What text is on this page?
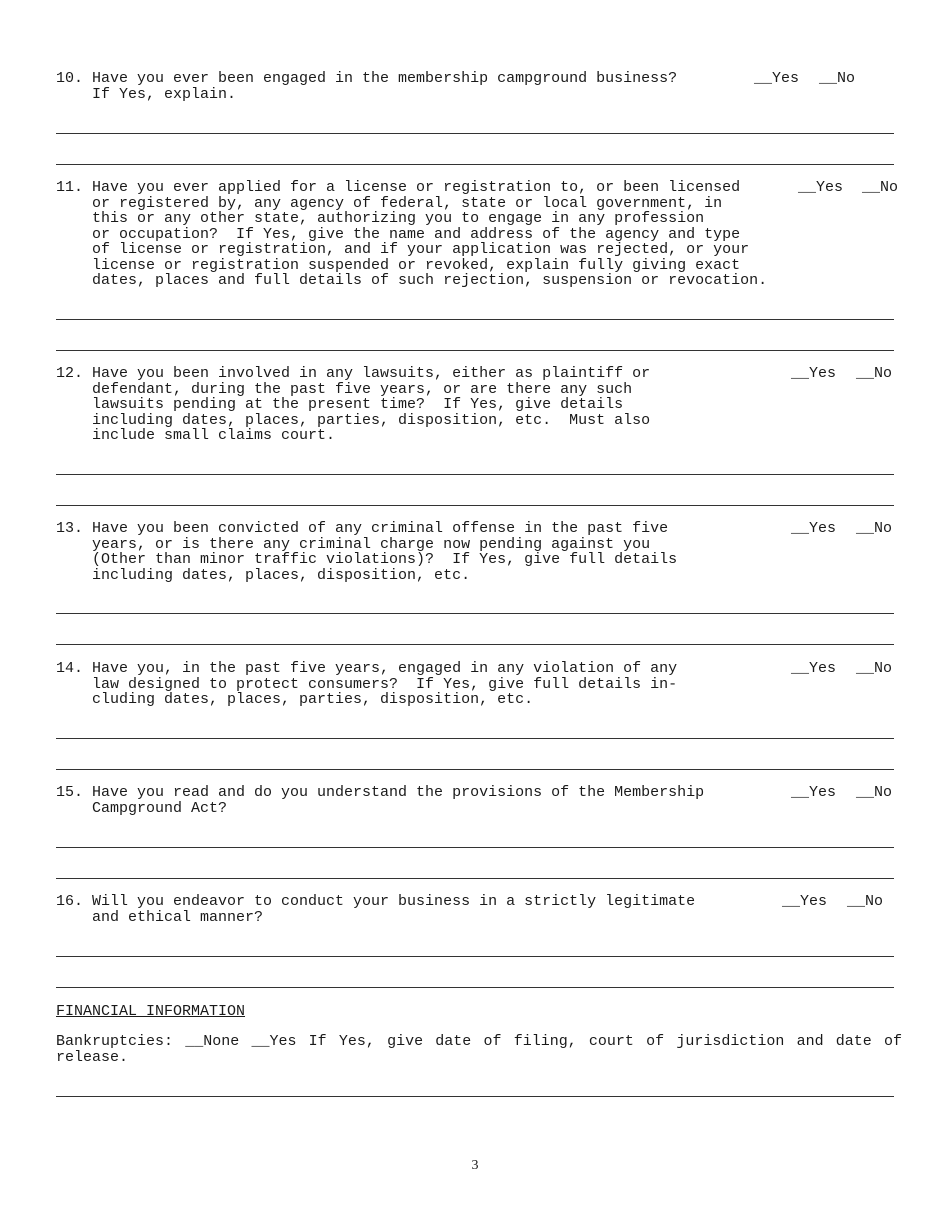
10. Have you ever been engaged in the membership campground business?
If Yes, explain.
__Yes __No
11. Have you ever applied for a license or registration to, or been licensed
or registered by, any agency of federal, state or local government, in
this or any other state, authorizing you to engage in any profession
or occupation?  If Yes, give the name and address of the agency and type
of license or registration, and if your application was rejected, or your
license or registration suspended or revoked, explain fully giving exact
dates, places and full details of such rejection, suspension or revocation.
__Yes __No
12. Have you been involved in any lawsuits, either as plaintiff or
defendant, during the past five years, or are there any such
lawsuits pending at the present time?  If Yes, give details
including dates, places, parties, disposition, etc.  Must also
include small claims court.
__Yes __No
13. Have you been convicted of any criminal offense in the past five
years, or is there any criminal charge now pending against you
(Other than minor traffic violations)?  If Yes, give full details
including dates, places, disposition, etc.
__Yes __No
14. Have you, in the past five years, engaged in any violation of any
law designed to protect consumers?  If Yes, give full details in-
cluding dates, places, parties, disposition, etc.
__Yes __No
15. Have you read and do you understand the provisions of the Membership
Campground Act?
__Yes __No
16. Will you endeavor to conduct your business in a strictly legitimate
and ethical manner?
__Yes __No
FINANCIAL INFORMATION
Bankruptcies: __None __Yes If Yes, give date of filing, court of jurisdiction and date of release.
3
